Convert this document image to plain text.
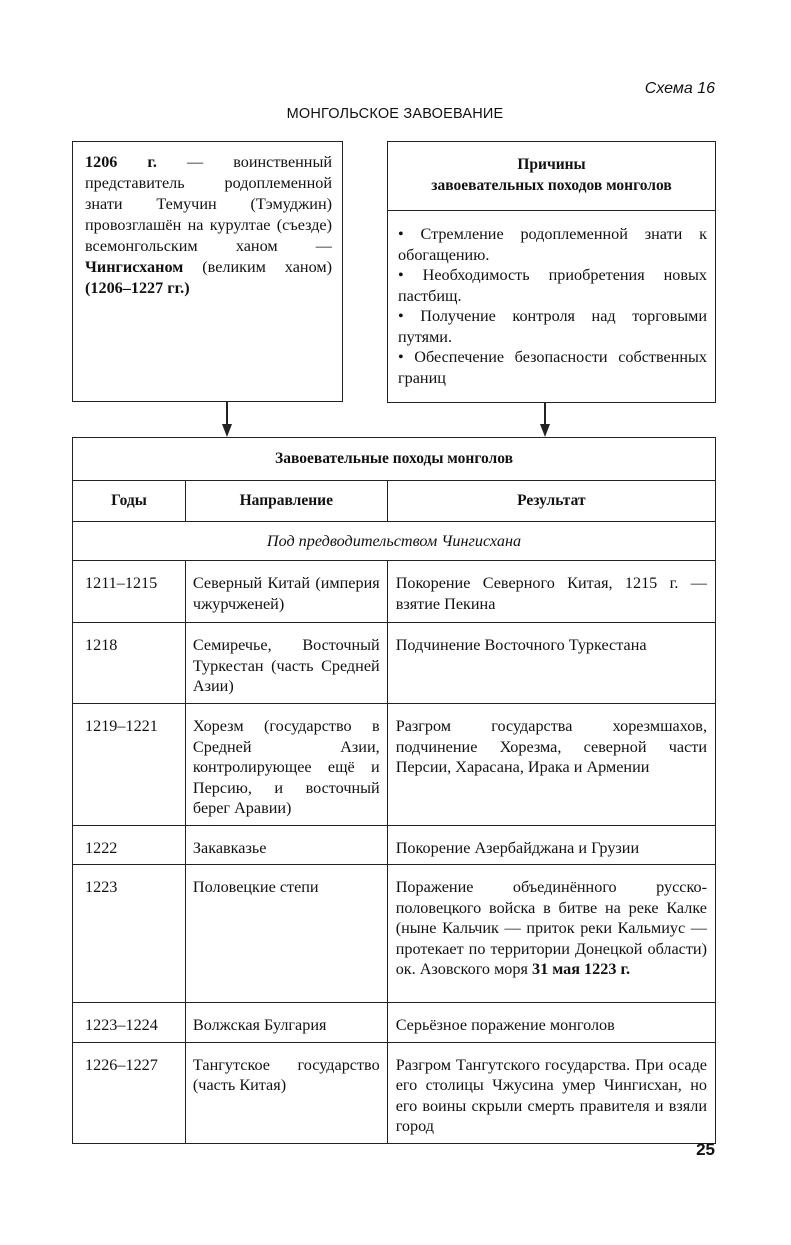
Схема 16
МОНГОЛЬСКОЕ ЗАВОЕВАНИЕ
1206 г. — воинственный представитель родоплеменной знати Темучин (Тэмуджин) провозглашён на курултае (съезде) всемонгольским ханом — Чингисханом (великим ханом) (1206–1227 гг.)
Причины
завоевательных походов монголов
• Стремление родоплеменной знати к обогащению.
• Необходимость приобретения новых пастбищ.
• Получение контроля над торговыми путями.
• Обеспечение безопасности собственных границ
Завоевательные походы монголов		
Годы	Направление	Результат
Под предводительством Чингисхана		
1211–1215	Северный Китай (империя чжурчженей)	Покорение Северного Китая, 1215 г. — взятие Пекина
1218	Семиречье, Восточный Туркестан (часть Средней Азии)	Подчинение Восточного Туркестана
1219–1221	Хорезм (государство в Средней Азии, контролирующее ещё и Персию, и восточный берег Аравии)	Разгром государства хорезмшахов, подчинение Хорезма, северной части Персии, Харасана, Ирака и Армении
1222	Закавказье	Покорение Азербайджана и Грузии
1223	Половецкие степи	Поражение объединённого русско-половецкого войска в битве на реке Калке (ныне Кальчик — приток реки Кальмиус — протекает по территории Донецкой области) ок. Азовского моря 31 мая 1223 г.
1223–1224	Волжская Булгария	Серьёзное поражение монголов
1226–1227	Тангутское государство (часть Китая)	Разгром Тангутского государства. При осаде его столицы Чжусина умер Чингисхан, но его воины скрыли смерть правителя и взяли город
25
